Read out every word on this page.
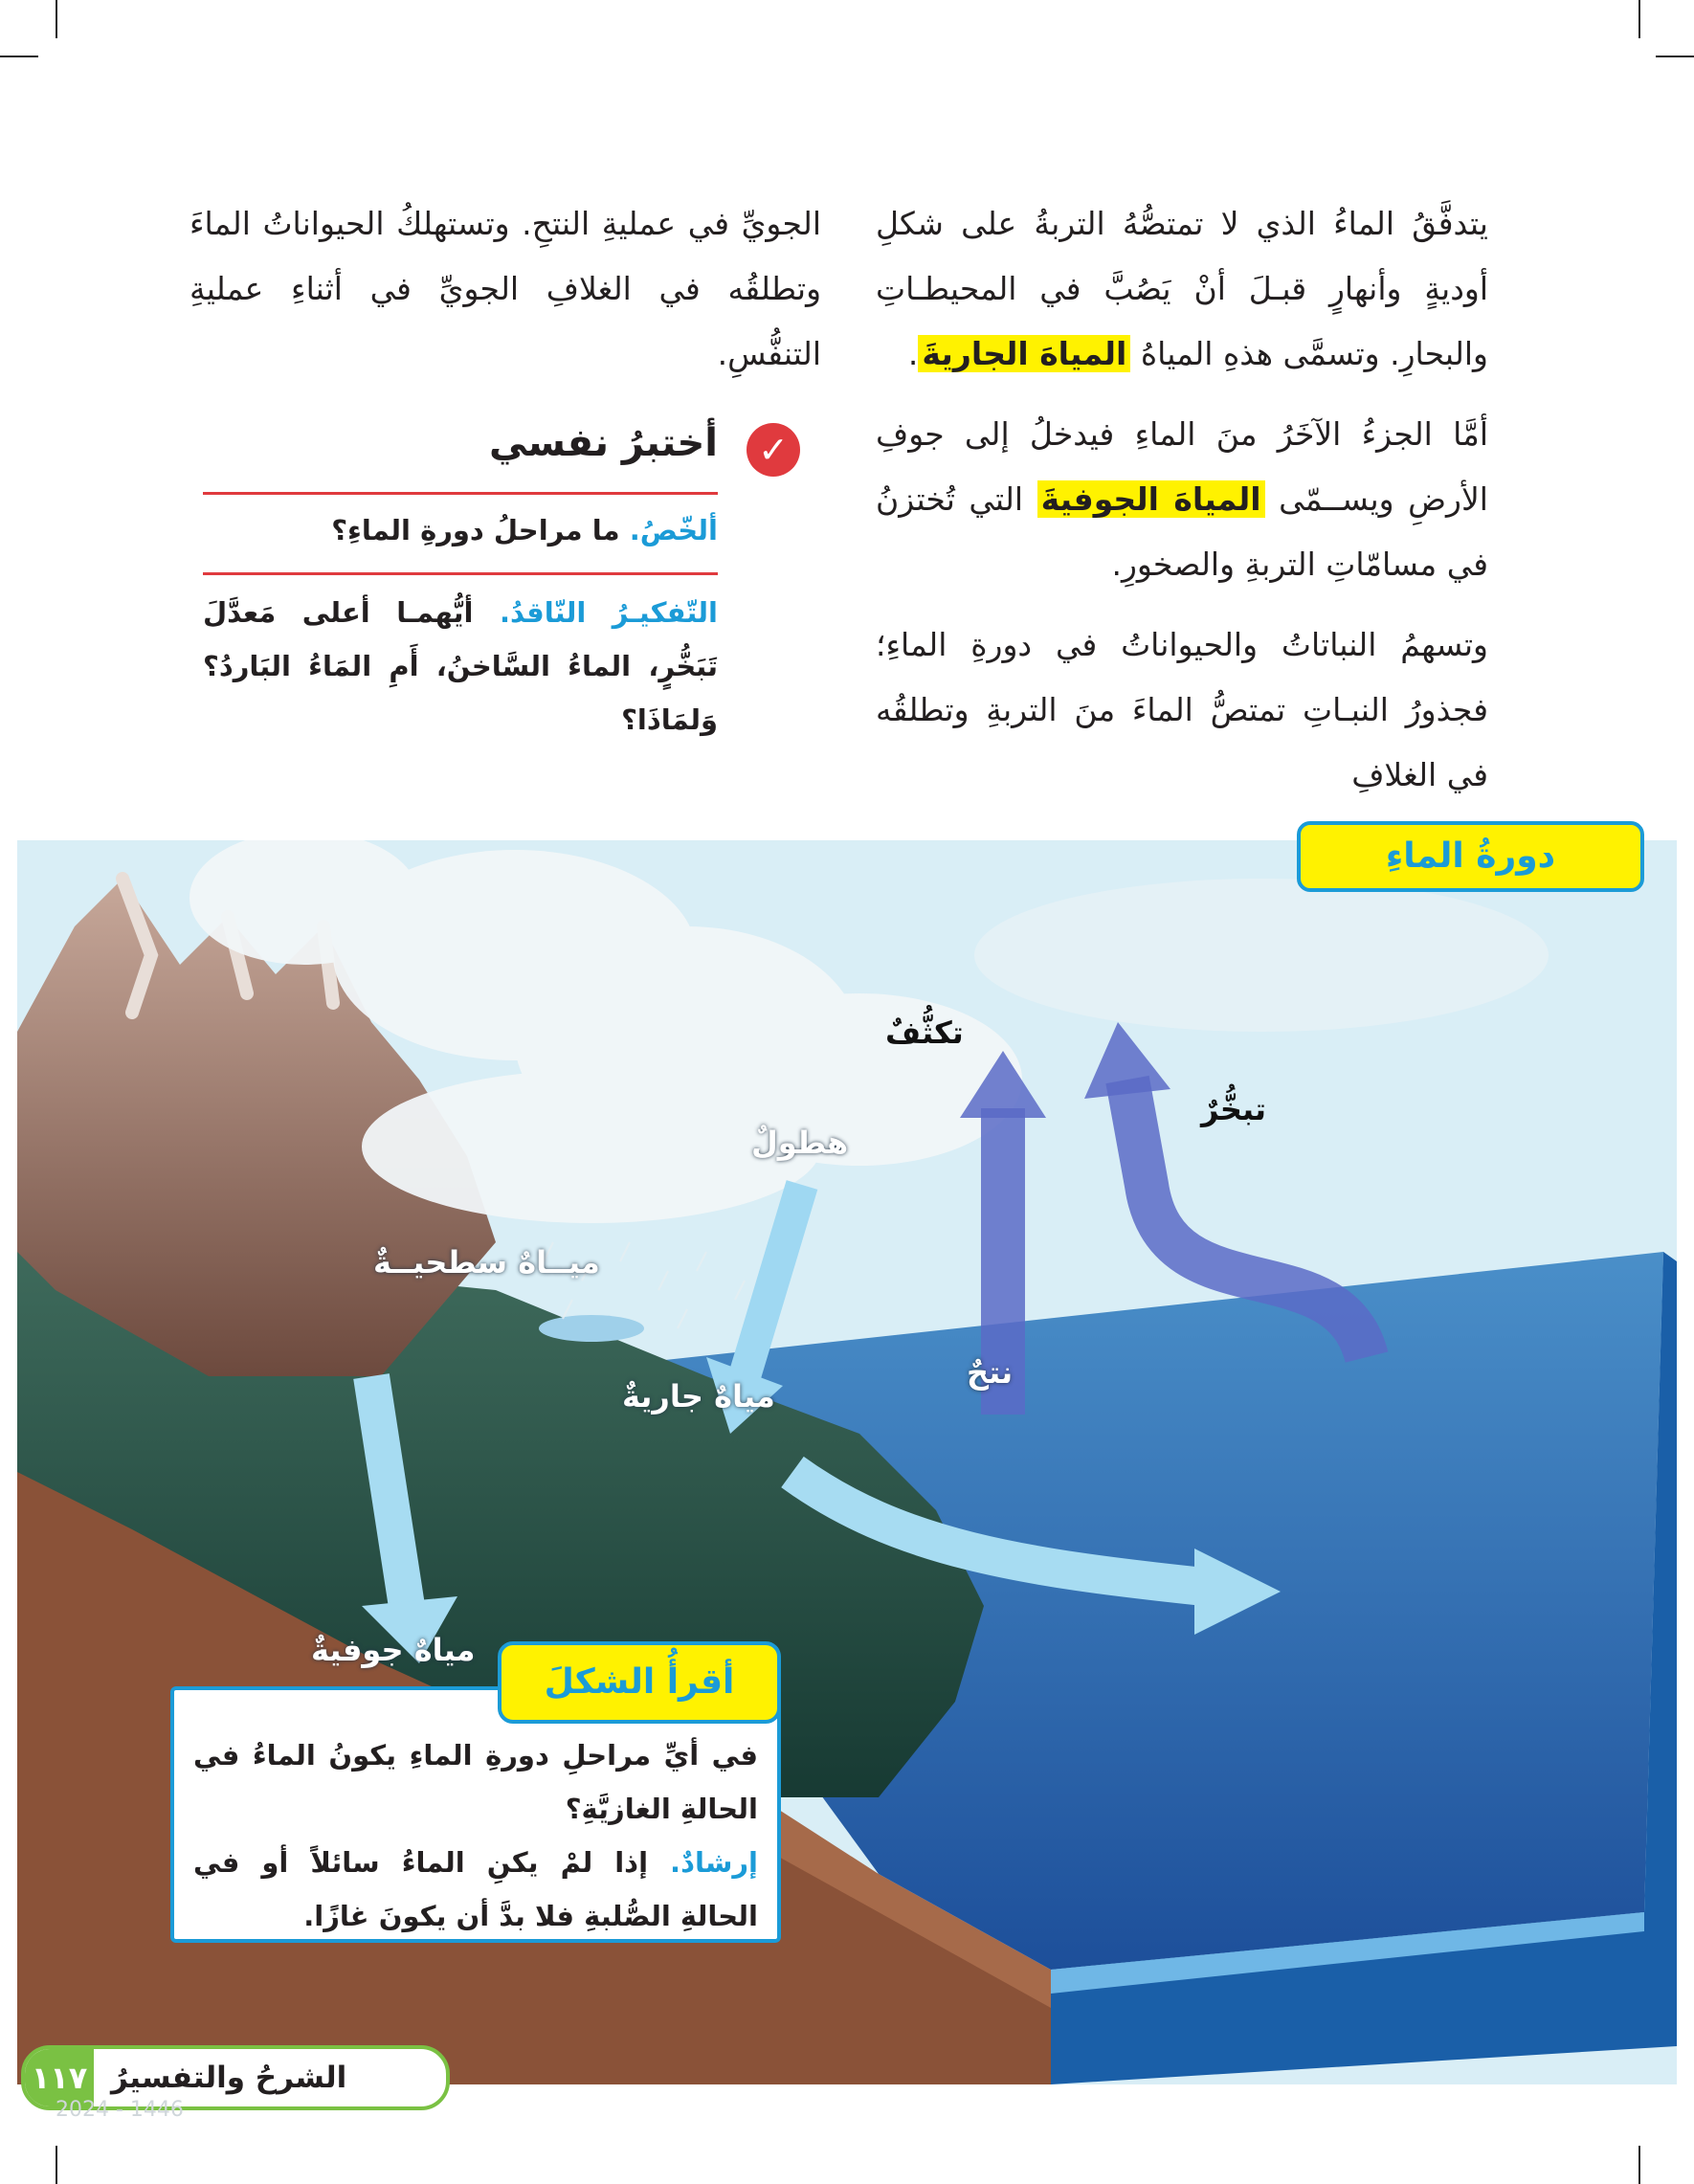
يتدفَّقُ الماءُ الذي لا تمتصُّهُ التربةُ على شكلِ أوديةٍ وأنهارٍ قبـلَ أنْ يَصُبَّ في المحيطـاتِ والبحارِ. وتسمَّى هذهِ المياهُ المياهَ الجاريةَ.

أمَّا الجزءُ الآخَرُ منَ الماءِ فيدخلُ إلى جوفِ الأرضِ ويســمّى المياهَ الجوفيةَ التي تُختزنُ في مسامّاتِ التربةِ والصخورِ.

وتسهمُ النباتاتُ والحيواناتُ في دورةِ الماءِ؛ فجذورُ النبـاتِ تمتصُّ الماءَ منَ التربةِ وتطلقُه في الغلافِ

الجويِّ في عمليةِ النتحِ. وتستهلكُ الحيواناتُ الماءَ وتطلقُه في الغلافِ الجويِّ في أثناءِ عمليةِ التنفُّسِ.
✓
أختبرُ نفسي
ألخّصُ. ما مراحلُ دورةِ الماءِ؟
التّفكيـرُ النّاقدُ. أيُّهمـا أعلى مَعدَّلَ تَبَخُّرٍ، الماءُ السَّاخنُ، أَمِ المَاءُ البَاردُ؟ وَلمَاذَا؟
دورةُ الماءِ
تكثُّفٌ
تبخُّرٌ
هطولٌ
ميــاهٌ سطحيــةٌ
نتحٌ
مياهٌ جاريةٌ
مياهٌ جوفيةٌ
في أيِّ مراحلِ دورةِ الماءِ يكونُ الماءُ في الحالةِ الغازيَّةِ؟
إرشادٌ. إذا لمْ يكنِ الماءُ سائلاً أو في الحالةِ الصُّلبةِ فلا بدَّ أن يكونَ غازًا.
أقرأُ الشكلَ
١١٧ الشرحُ والتفسيرُ
2024 - 1446
